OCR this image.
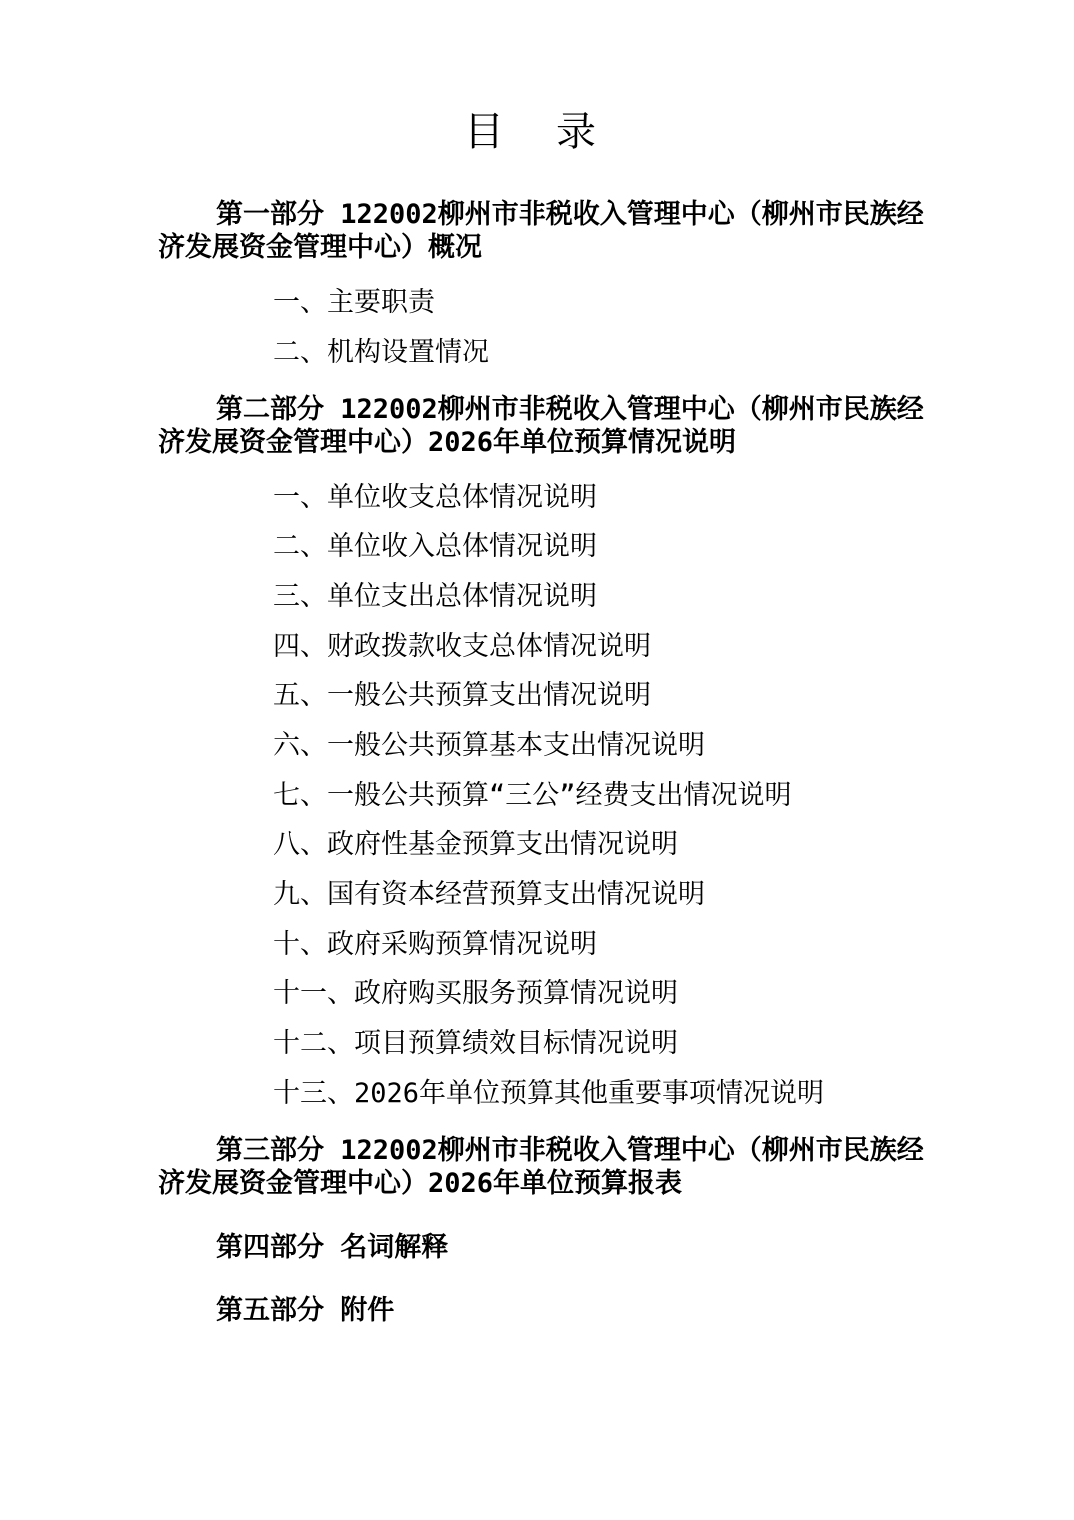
目 录

第一部分 122002柳州市非税收入管理中心（柳州市民族经济发展资金管理中心）概况

一、主要职责

二、机构设置情况

第二部分 122002柳州市非税收入管理中心（柳州市民族经济发展资金管理中心）2026年单位预算情况说明

一、单位收支总体情况说明

二、单位收入总体情况说明

三、单位支出总体情况说明

四、财政拨款收支总体情况说明

五、一般公共预算支出情况说明

六、一般公共预算基本支出情况说明

七、一般公共预算“三公”经费支出情况说明

八、政府性基金预算支出情况说明

九、国有资本经营预算支出情况说明

十、政府采购预算情况说明

十一、政府购买服务预算情况说明

十二、项目预算绩效目标情况说明

十三、2026年单位预算其他重要事项情况说明

第三部分 122002柳州市非税收入管理中心（柳州市民族经济发展资金管理中心）2026年单位预算报表

第四部分 名词解释

第五部分 附件
